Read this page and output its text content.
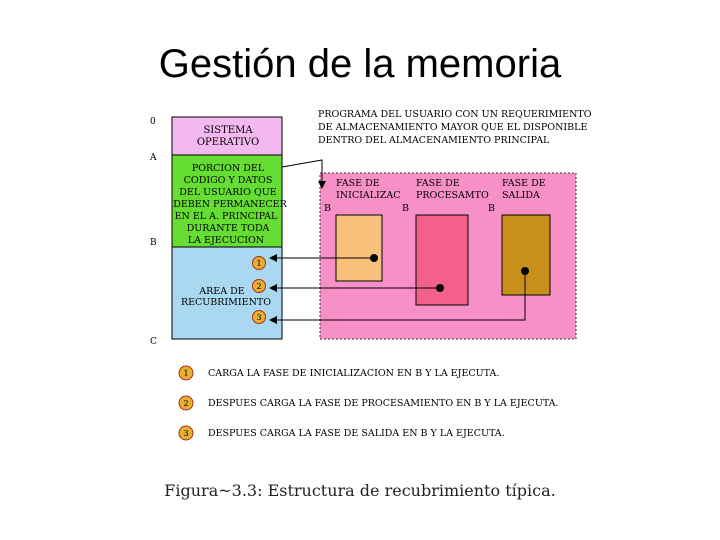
Gestión de la memoria
0
A
B
C
SISTEMA
OPERATIVO
PORCION DEL
CODIGO Y DATOS
DEL USUARIO QUE
DEBEN PERMANECER
EN EL A. PRINCIPAL
DURANTE TODA
LA EJECUCION
AREA DE
RECUBRIMIENTO
1
2
3
PROGRAMA DEL USUARIO CON UN REQUERIMIENTO
DE ALMACENAMIENTO MAYOR QUE EL DISPONIBLE
DENTRO DEL ALMACENAMIENTO PRINCIPAL
FASE DE
INICIALIZAC
FASE DE
PROCESAMTO
FASE DE
SALIDA
B	B	B
1 CARGA LA FASE DE INICIALIZACION EN B Y LA EJECUTA.
2 DESPUES CARGA LA FASE DE PROCESAMIENTO EN B Y LA EJECUTA.
3 DESPUES CARGA LA FASE DE SALIDA EN B Y LA EJECUTA.
Figura~3.3: Estructura de recubrimiento típica.
